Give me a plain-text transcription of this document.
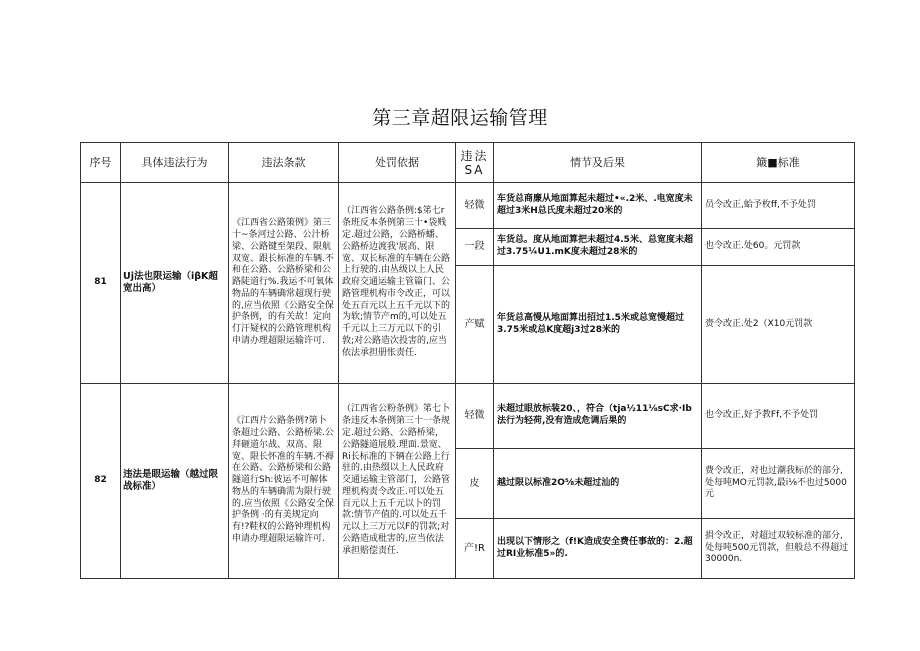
第三章超限运输管理
序号	具体违法行为	违法条款	处罚依据	违法
SA	情节及后果	簸■标准
81	Uj法也限运输（iβK超宽出高）	《江西省公路策例》第三十~条河过公路、公汁桥梁、公路键至架段、限航双宽、跟长标准的车辆.不和在公路、公路桥梁和公路陡道行%.我运不可氧体物品的车辆确常超现行驶的,应当依照《公路安全保护条例，的有关故！定向仃汗疑权的公路管理机构申请办理超限运输许可.	（江西省公路条例:$笫七r条班反本条例第三十•袋贱定.超过公路，公路桥蟠、公路桥边渡我'展高、限宽、双长标准的车辆在公路上行驶的.由丛级以上人民政府交通运输主管篇门、公路管理机构市令改正，可以处五百元以上五千元以下的为软;情节产m的,可以处五千元以上三万元以下的引敦;对公路造次投害的,应当依法承担册怅责任.	轻微	车货总商廉从地面算起未超过•«.2米、.电宽度未超过3米H总氏度未超过20米的	员令改正,蛤予枚ff,不予处罚
				一段	车货总。度从地面算把未超过4.5米、总宽度未超过3.75¼U1.mK度未超过28米的	也令改正.处60。元罚款
				产赋	年货总高慢从地面算出招过1.5米或总宽慢超过3.75米或总K度超j3过28米的	赍令改正.处2（X10元罚款
82	违法是眼运输（越过限战标准）	《江西片公路条例?第卜条超过公路、公路桥梁.公拜砸道尔战、双高、限宽、限长怀准的车辆.不褥在公路、公路桥梁和公路隧道行Sh:彼运不可解体物丛的车辆确需为限行驶的.应当依照《公路安全保护条例 ·的有美规定向有!?鞋权的公路钟理机构申请办理超限运输许可.	（江西省公粉条例》笫七卜条违反本条例第三十一条规定.超过公路、公路桥梁，公路隧道展般.理面.景宽、Ri长标准的下辆在公路上行驻的.由热缀以上人民政府交通运输主管部门，公路管理机构责令改正.可以处五百元以上五千元以卜的罚款:情节产值的.可以处五千元以上三万元以F的罚款;对公路造成枇害的,应当依法承担赔偿责任.	轻微	未超过眼放标装20、，符合（tja½11⅛sC求·Ib法行为轻荷,没有造成危调后果的	也令改正,好予教Ff,不予处罚
				皮	越过限以标准2O⅝未超过汕的	费令改正，对也过潮我标於的部分,处每吨MO元罚款,最i⅛不也过5000元
				产!R	出现以下情形之（f!K造成安全费任事故的：2.超过RI业标准5»的.	捐令改正，对超过双较标准的部分,处每吨500元罚款，但般总不得超过30000n.
